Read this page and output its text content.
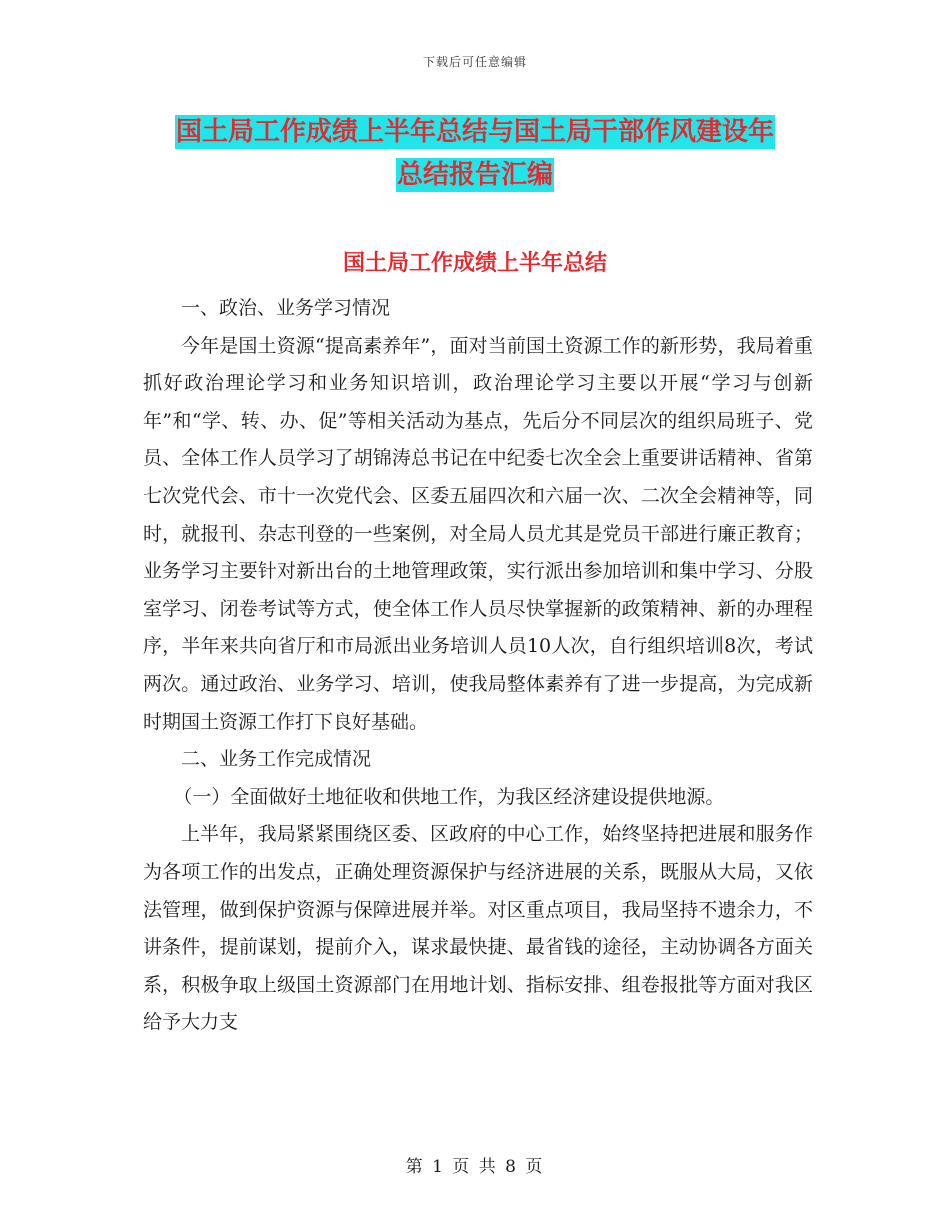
下载后可任意编辑
国土局工作成绩上半年总结与国土局干部作风建设年
总结报告汇编
国土局工作成绩上半年总结

一、政治、业务学习情况

今年是国土资源“提高素养年”，面对当前国土资源工作的新形势，我局着重抓好政治理论学习和业务知识培训，政治理论学习主要以开展“学习与创新年”和“学、转、办、促”等相关活动为基点，先后分不同层次的组织局班子、党员、全体工作人员学习了胡锦涛总书记在中纪委七次全会上重要讲话精神、省第七次党代会、市十一次党代会、区委五届四次和六届一次、二次全会精神等，同时，就报刊、杂志刊登的一些案例，对全局人员尤其是党员干部进行廉正教育；业务学习主要针对新出台的土地管理政策，实行派出参加培训和集中学习、分股室学习、闭卷考试等方式，使全体工作人员尽快掌握新的政策精神、新的办理程序，半年来共向省厅和市局派出业务培训人员10人次，自行组织培训8次，考试两次。通过政治、业务学习、培训，使我局整体素养有了进一步提高，为完成新时期国土资源工作打下良好基础。

二、业务工作完成情况

（一）全面做好土地征收和供地工作，为我区经济建设提供地源。

上半年，我局紧紧围绕区委、区政府的中心工作，始终坚持把进展和服务作为各项工作的出发点，正确处理资源保护与经济进展的关系，既服从大局，又依法管理，做到保护资源与保障进展并举。对区重点项目，我局坚持不遗余力，不讲条件，提前谋划，提前介入，谋求最快捷、最省钱的途径，主动协调各方面关系，积极争取上级国土资源部门在用地计划、指标安排、组卷报批等方面对我区给予大力支

第 1 页 共 8 页
